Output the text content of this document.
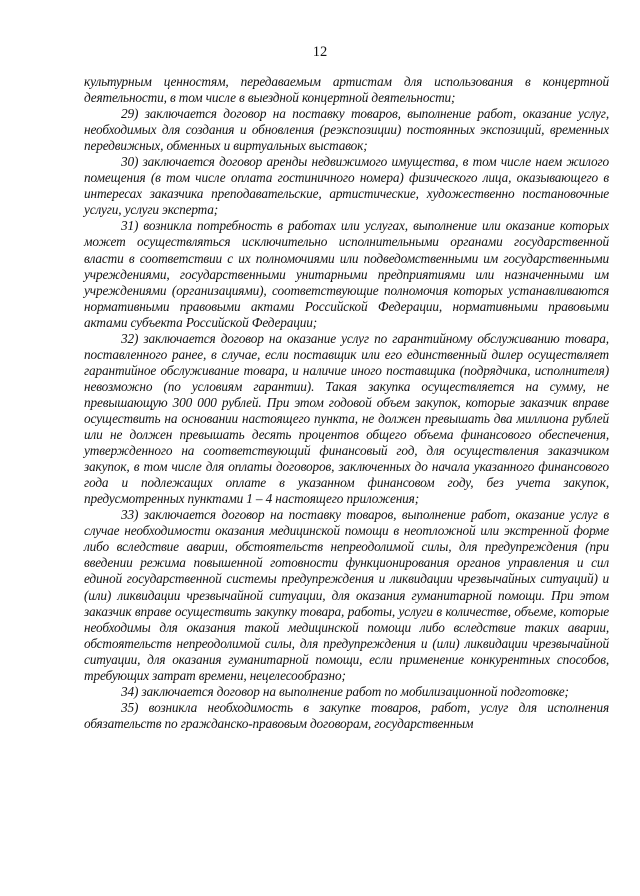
12

культурным ценностям, передаваемым артистам для использования в концертной деятельности, в том числе в выездной концертной деятельности;

29) заключается договор на поставку товаров, выполнение работ, оказание услуг, необходимых для создания и обновления (реэкспозиции) постоянных экспозиций, временных передвижных, обменных и виртуальных выставок;

30) заключается договор аренды недвижимого имущества, в том числе наем жилого помещения (в том числе оплата гостиничного номера) физического лица, оказывающего в интересах заказчика преподавательские, артистические, художественно постановочные услуги, услуги эксперта;

31) возникла потребность в работах или услугах, выполнение или оказание которых может осуществляться исключительно исполнительными органами государственной власти в соответствии с их полномочиями или подведомственными им государственными учреждениями, государственными унитарными предприятиями или назначенными им учреждениями (организациями), соответствующие полномочия которых устанавливаются нормативными правовыми актами Российской Федерации, нормативными правовыми актами субъекта Российской Федерации;

32) заключается договор на оказание услуг по гарантийному обслуживанию товара, поставленного ранее, в случае, если поставщик или его единственный дилер осуществляет гарантийное обслуживание товара, и наличие иного поставщика (подрядчика, исполнителя) невозможно (по условиям гарантии). Такая закупка осуществляется на сумму, не превышающую 300 000 рублей. При этом годовой объем закупок, которые заказчик вправе осуществить на основании настоящего пункта, не должен превышать два миллиона рублей или не должен превышать десять процентов общего объема финансового обеспечения, утвержденного на соответствующий финансовый год, для осуществления заказчиком закупок, в том числе для оплаты договоров, заключенных до начала указанного финансового года и подлежащих оплате в указанном финансовом году, без учета закупок, предусмотренных пунктами 1 – 4 настоящего приложения;

33) заключается договор на поставку товаров, выполнение работ, оказание услуг в случае необходимости оказания медицинской помощи в неотложной или экстренной форме либо вследствие аварии, обстоятельств непреодолимой силы, для предупреждения (при введении режима повышенной готовности функционирования органов управления и сил единой государственной системы предупреждения и ликвидации чрезвычайных ситуаций) и (или) ликвидации чрезвычайной ситуации, для оказания гуманитарной помощи. При этом заказчик вправе осуществить закупку товара, работы, услуги в количестве, объеме, которые необходимы для оказания такой медицинской помощи либо вследствие таких аварии, обстоятельств непреодолимой силы, для предупреждения и (или) ликвидации чрезвычайной ситуации, для оказания гуманитарной помощи, если применение конкурентных способов, требующих затрат времени, нецелесообразно;

34) заключается договор на выполнение работ по мобилизационной подготовке;

35) возникла необходимость в закупке товаров, работ, услуг для исполнения обязательств по гражданско-правовым договорам, государственным
